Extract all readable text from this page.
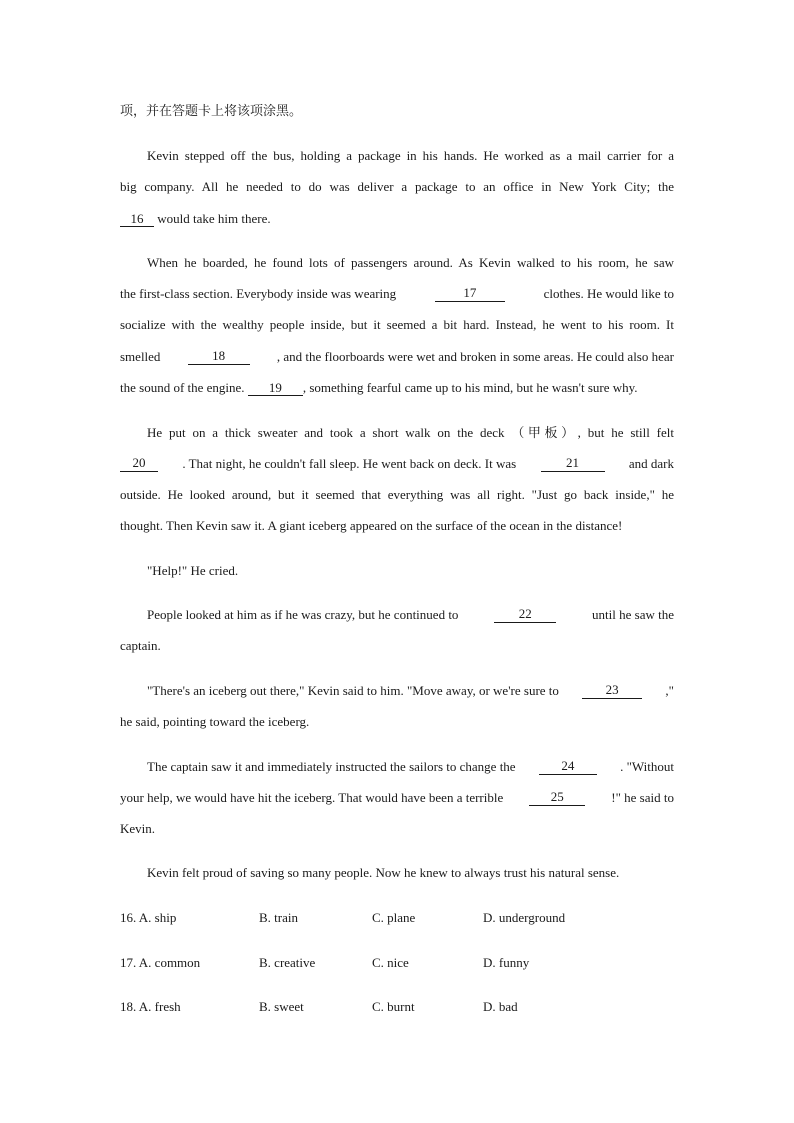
项，并在答题卡上将该项涂黑。
Kevin stepped off the bus, holding a package in his hands. He worked as a mail carrier for a
big company. All he needed to do was deliver a package to an office in New York City; the
16 would take him there.
When he boarded, he found lots of passengers around. As Kevin walked to his room, he saw
the first-class section. Everybody inside was wearing	17	clothes. He would like to
socialize with the wealthy people inside, but it seemed a bit hard. Instead, he went to his room. It
smelled	18	, and the floorboards were wet and broken in some areas. He could also hear
the sound of the engine. 19 , something fearful came up to his mind, but he wasn't sure why.
He put on a thick sweater and took a short walk on the deck （甲板）, but he still felt
20	. That night, he couldn't fall sleep. He went back on deck. It was	21	and dark
outside. He looked around, but it seemed that everything was all right. "Just go back inside," he
thought. Then Kevin saw it. A giant iceberg appeared on the surface of the ocean in the distance!
"Help!" He cried.
People looked at him as if he was crazy, but he continued to	22	until he saw the
captain.
"There's an iceberg out there," Kevin said to him. "Move away, or we're sure to	23	,"
he said, pointing toward the iceberg.
The captain saw it and immediately instructed the sailors to change the	24	. "Without
your help, we would have hit the iceberg. That would have been a terrible	25	!" he said to
Kevin.
Kevin felt proud of saving so many people. Now he knew to always trust his natural sense.
16. A. ship	B. train	C. plane	D. underground
17. A. common	B. creative	C. nice	D. funny
18. A. fresh	B. sweet	C. burnt	D. bad
